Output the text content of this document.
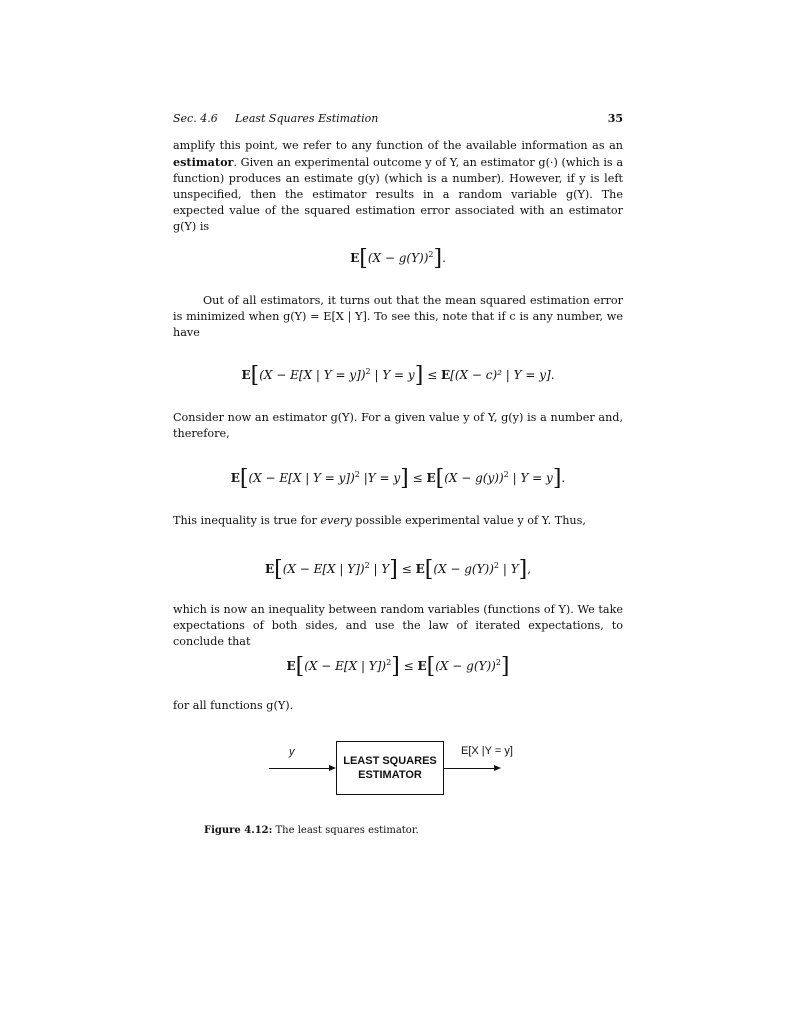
Sec. 4.6 Least Squares Estimation	35
amplify this point, we refer to any function of the available information as an estimator. Given an experimental outcome y of Y, an estimator g(·) (which is a function) produces an estimate g(y) (which is a number). However, if y is left unspecified, then the estimator results in a random variable g(Y). The expected value of the squared estimation error associated with an estimator g(Y) is
$E[(X - g(Y))^2]$.
Out of all estimators, it turns out that the mean squared estimation error is minimized when g(Y) = E[X | Y]. To see this, note that if c is any number, we have
E[(X − E[X | Y = y])$^2$ | Y = y] ≤ E[(X − c)² | Y = y].
Consider now an estimator g(Y). For a given value y of Y, g(y) is a number and, therefore,
E[(X − E[X | Y = y])$^2$ $|Y = y] \le E[(X - g(y))^2$ | Y = y].
This inequality is true for every possible experimental value y of Y. Thus,
E[(X − E[X | Y])$^2$ | $Y] \le E[(X - g(Y))^2$ | Y],
which is now an inequality between random variables (functions of Y). We take expectations of both sides, and use the law of iterated expectations, to conclude that
E[(X − E[X | $Y])^2] \le E[(X - g(Y))^2]$
for all functions g(Y).
y
LEAST SQUARES
ESTIMATOR
E[X |Y = y]
Figure 4.12: The least squares estimator.
